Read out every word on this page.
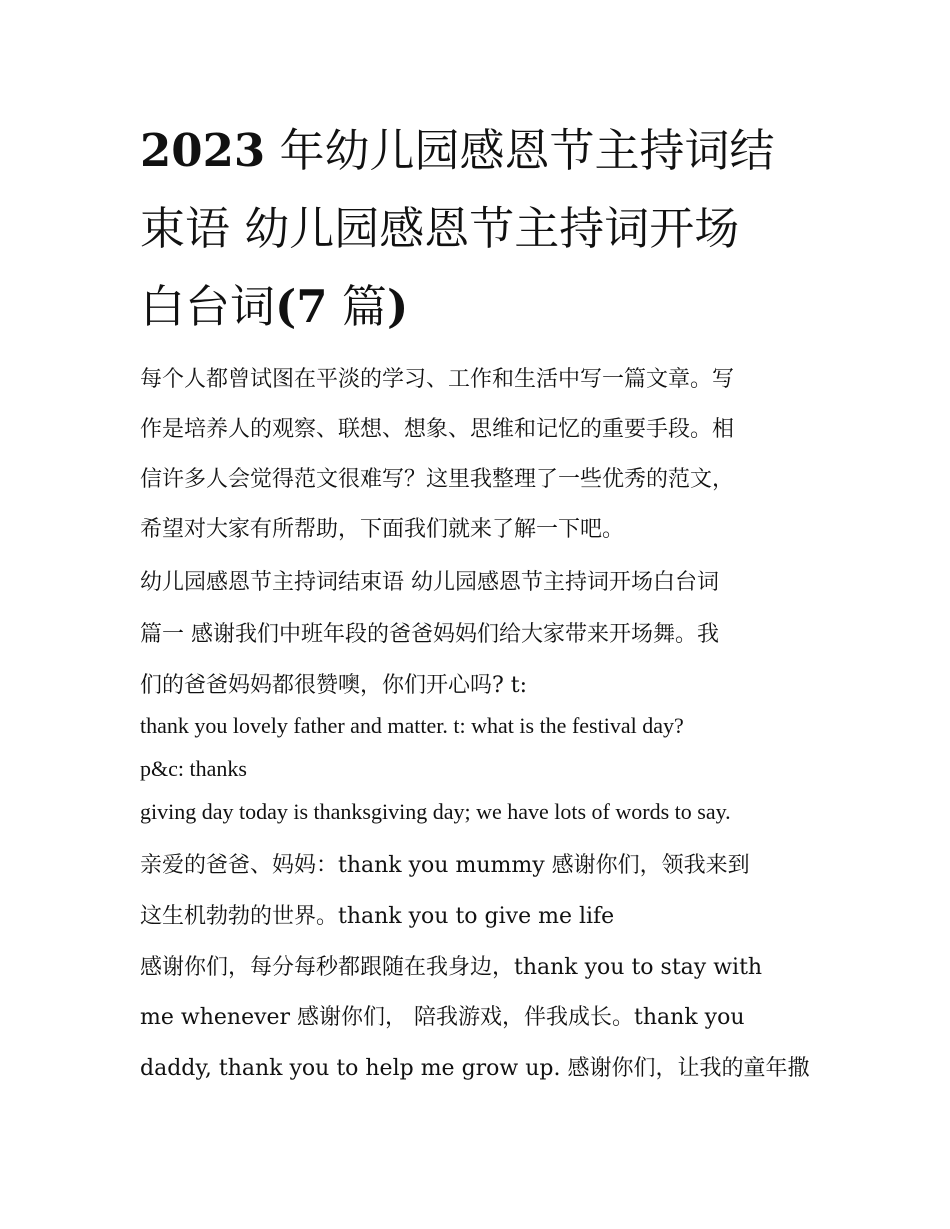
2023 年幼儿园感恩节主持词结
束语 幼儿园感恩节主持词开场
白台词(7 篇)

每个人都曾试图在平淡的学习、工作和生活中写一篇文章。写

作是培养人的观察、联想、想象、思维和记忆的重要手段。相

信许多人会觉得范文很难写？这里我整理了一些优秀的范文，

希望对大家有所帮助，下面我们就来了解一下吧。

幼儿园感恩节主持词结束语 幼儿园感恩节主持词开场白台词

篇一 感谢我们中班年段的爸爸妈妈们给大家带来开场舞。我

们的爸爸妈妈都很赞噢，你们开心吗? t:

thank you lovely father and matter. t: what is the festival day?

p&c: thanks

giving day today is thanksgiving day; we have lots of words to say.

亲爱的爸爸、妈妈：thank you mummy 感谢你们，领我来到

这生机勃勃的世界。thank you to give me life

感谢你们，每分每秒都跟随在我身边，thank you to stay with

me whenever 感谢你们， 陪我游戏，伴我成长。thank you

daddy, thank you to help me grow up. 感谢你们，让我的童年撒
